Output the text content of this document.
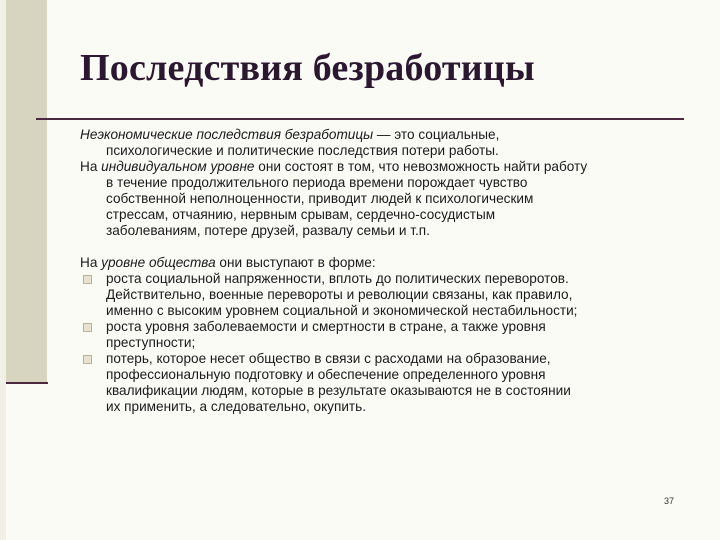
Последствия безработицы

Неэкономические последствия безработицы — это социальные,
психологические и политические последствия потери работы.

На индивидуальном уровне они состоят в том, что невозможность найти работу
в течение продолжительного периода времени порождает чувство
собственной неполноценности, приводит людей к психологическим
стрессам, отчаянию, нервным срывам, сердечно-сосудистым
заболеваниям, потере друзей, развалу семьи и т.п.

На уровне общества они выступают в форме:

роста социальной напряженности, вплоть до политических переворотов.
Действительно, военные перевороты и революции связаны, как правило,
именно с высоким уровнем социальной и экономической нестабильности;
роста уровня заболеваемости и смертности в стране, а также уровня
преступности;
потерь, которое несет общество в связи с расходами на образование,
профессиональную подготовку и обеспечение определенного уровня
квалификации людям, которые в результате оказываются не в состоянии
их применить, а следовательно, окупить.
37
